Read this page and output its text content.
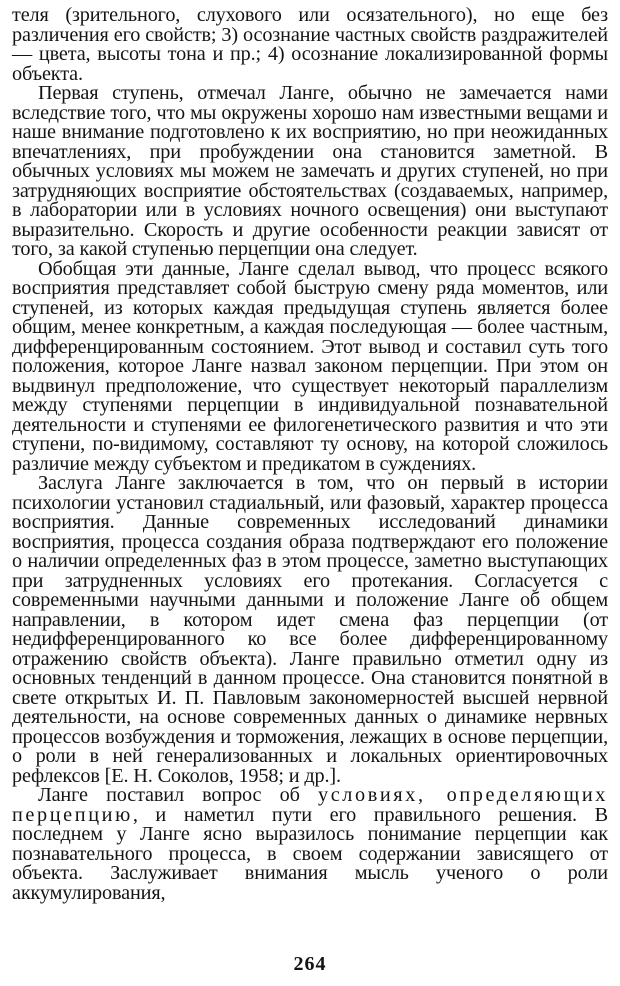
теля (зрительного, слухового или осязательного), но еще без различения его свойств; 3) осознание частных свойств раздражителей — цвета, высоты тона и пр.; 4) осознание локализированной формы объекта.

Первая ступень, отмечал Ланге, обычно не замечается нами вследствие того, что мы окружены хорошо нам известными вещами и наше внимание подготовлено к их восприятию, но при неожиданных впечатлениях, при пробуждении она становится заметной. В обычных условиях мы можем не замечать и других ступеней, но при затрудняющих восприятие обстоятельствах (создаваемых, например, в лаборатории или в условиях ночного освещения) они выступают выразительно. Скорость и другие особенности реакции зависят от того, за какой ступенью перцепции она следует.

Обобщая эти данные, Ланге сделал вывод, что процесс всякого восприятия представляет собой быструю смену ряда моментов, или ступеней, из которых каждая предыдущая ступень является более общим, менее конкретным, а каждая последующая — более частным, дифференцированным состоянием. Этот вывод и составил суть того положения, которое Ланге назвал законом перцепции. При этом он выдвинул предположение, что существует некоторый параллелизм между ступенями перцепции в индивидуальной познавательной деятельности и ступенями ее филогенетического развития и что эти ступени, по-видимому, составляют ту основу, на которой сложилось различие между субъектом и предикатом в суждениях.

Заслуга Ланге заключается в том, что он первый в истории психологии установил стадиальный, или фазовый, характер процесса восприятия. Данные современных исследований динамики восприятия, процесса создания образа подтверждают его положение о наличии определенных фаз в этом процессе, заметно выступающих при затрудненных условиях его протекания. Согласуется с современными научными данными и положение Ланге об общем направлении, в котором идет смена фаз перцепции (от недифференцированного ко все более дифференцированному отражению свойств объекта). Ланге правильно отметил одну из основных тенденций в данном процессе. Она становится понятной в свете открытых И. П. Павловым закономерностей высшей нервной деятельности, на основе современных данных о динамике нервных процессов возбуждения и торможения, лежащих в основе перцепции, о роли в ней генерализованных и локальных ориентировочных рефлексов [Е. Н. Соколов, 1958; и др.].

Ланге поставил вопрос об условиях, определяющих перцепцию, и наметил пути его правильного решения. В последнем у Ланге ясно выразилось понимание перцепции как познавательного процесса, в своем содержании зависящего от объекта. Заслуживает внимания мысль ученого о роли аккумулирования,

264
